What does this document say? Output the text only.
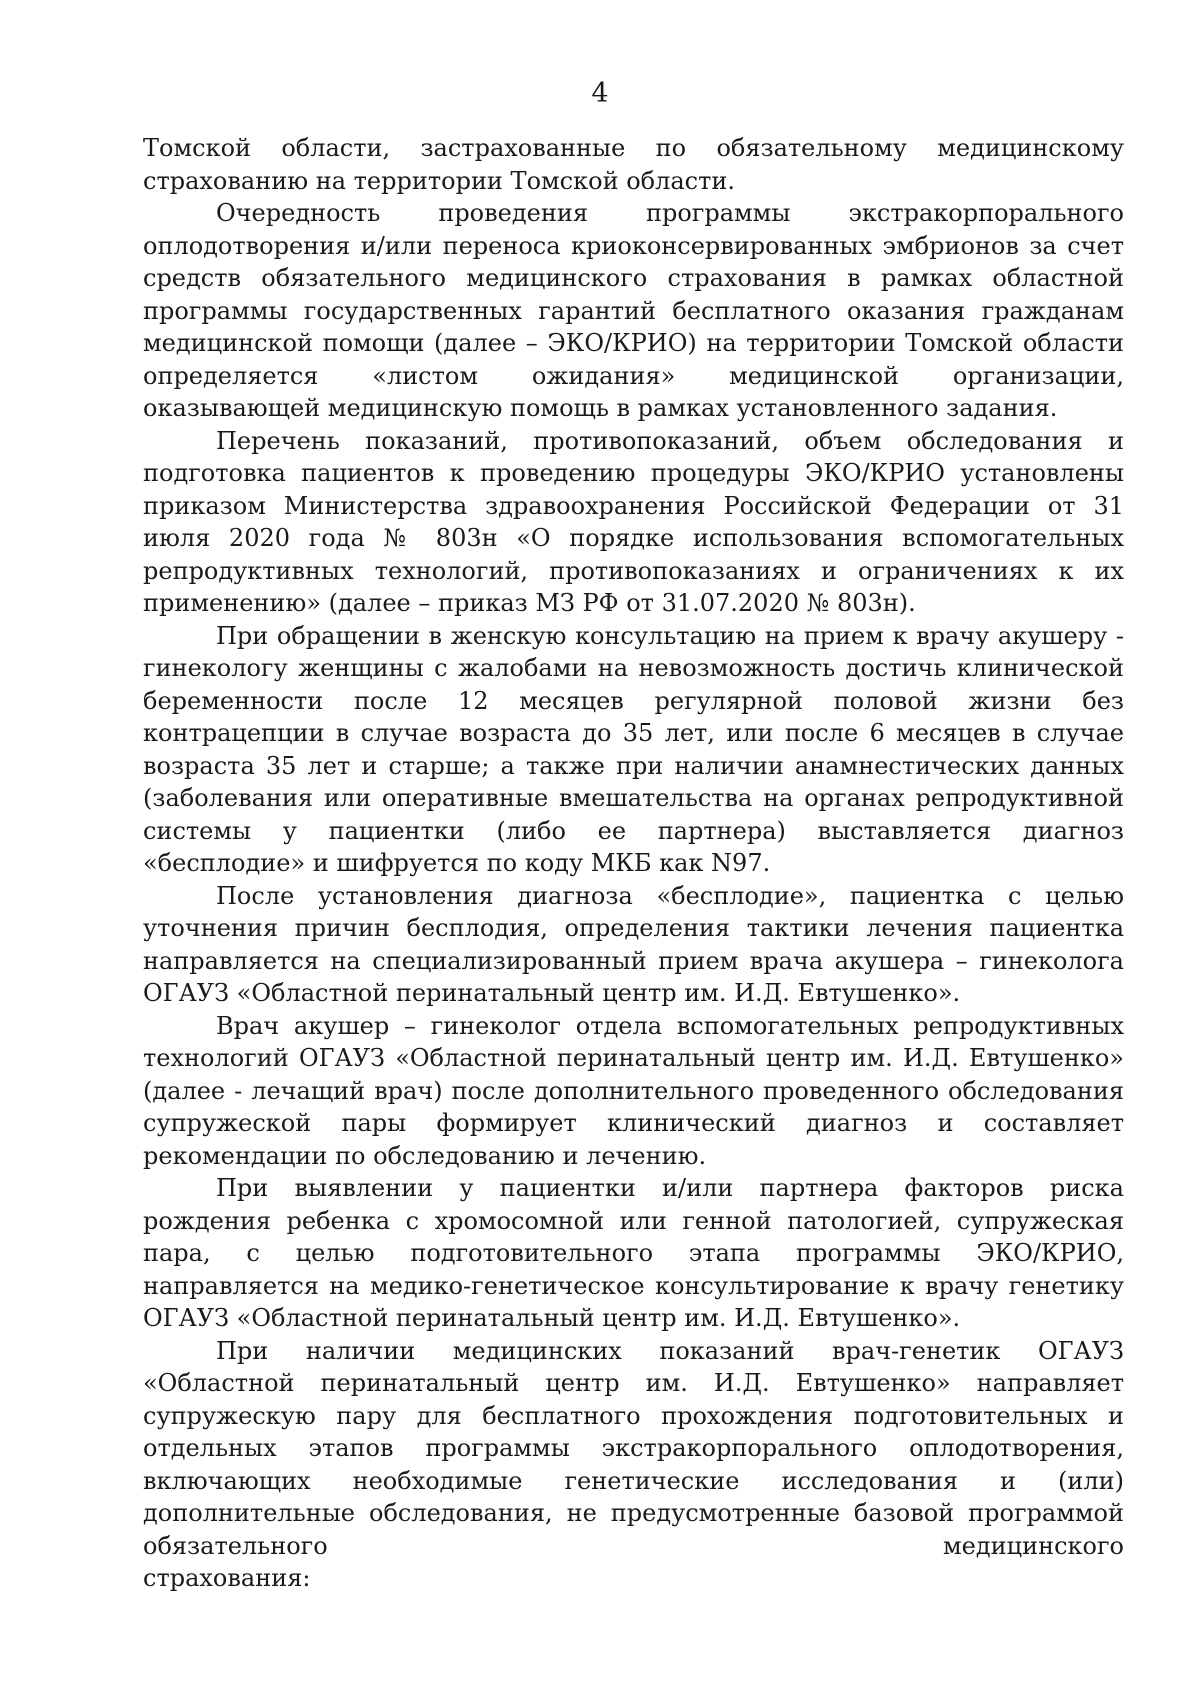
4

Томской области, застрахованные по обязательному медицинскому страхованию на территории Томской области.

Очередность проведения программы экстракорпорального оплодотворения и/или переноса криоконсервированных эмбрионов за счет средств обязательного медицинского страхования в рамках областной программы государственных гарантий бесплатного оказания гражданам медицинской помощи (далее – ЭКО/КРИО) на территории Томской области определяется «листом ожидания» медицинской организации, оказывающей медицинскую помощь в рамках установленного задания.

Перечень показаний, противопоказаний, объем обследования и подготовка пациентов к проведению процедуры ЭКО/КРИО установлены приказом Министерства здравоохранения Российской Федерации от 31 июля 2020 года № 803н «О порядке использования вспомогательных репродуктивных технологий, противопоказаниях и ограничениях к их применению» (далее – приказ МЗ РФ от 31.07.2020 № 803н).

При обращении в женскую консультацию на прием к врачу акушеру - гинекологу женщины с жалобами на невозможность достичь клинической беременности после 12 месяцев регулярной половой жизни без контрацепции в случае возраста до 35 лет, или после 6 месяцев в случае возраста 35 лет и старше; а также при наличии анамнестических данных (заболевания или оперативные вмешательства на органах репродуктивной системы у пациентки (либо ее партнера) выставляется диагноз «бесплодие» и шифруется по коду МКБ как N97.

После установления диагноза «бесплодие», пациентка с целью уточнения причин бесплодия, определения тактики лечения пациентка направляется на специализированный прием врача акушера – гинеколога ОГАУЗ «Областной перинатальный центр им. И.Д. Евтушенко».

Врач акушер – гинеколог отдела вспомогательных репродуктивных технологий ОГАУЗ «Областной перинатальный центр им. И.Д. Евтушенко» (далее - лечащий врач) после дополнительного проведенного обследования супружеской пары формирует клинический диагноз и составляет рекомендации по обследованию и лечению.

При выявлении у пациентки и/или партнера факторов риска рождения ребенка с хромосомной или генной патологией, супружеская пара, с целью подготовительного этапа программы ЭКО/КРИО, направляется на медико-генетическое консультирование к врачу генетику ОГАУЗ «Областной перинатальный центр им. И.Д. Евтушенко».

При наличии медицинских показаний врач-генетик ОГАУЗ «Областной перинатальный центр им. И.Д. Евтушенко» направляет супружескую пару для бесплатного прохождения подготовительных и отдельных этапов программы экстракорпорального оплодотворения, включающих необходимые генетические исследования и (или) дополнительные обследования, не предусмотренные базовой программой обязательного медицинского

страхования:
